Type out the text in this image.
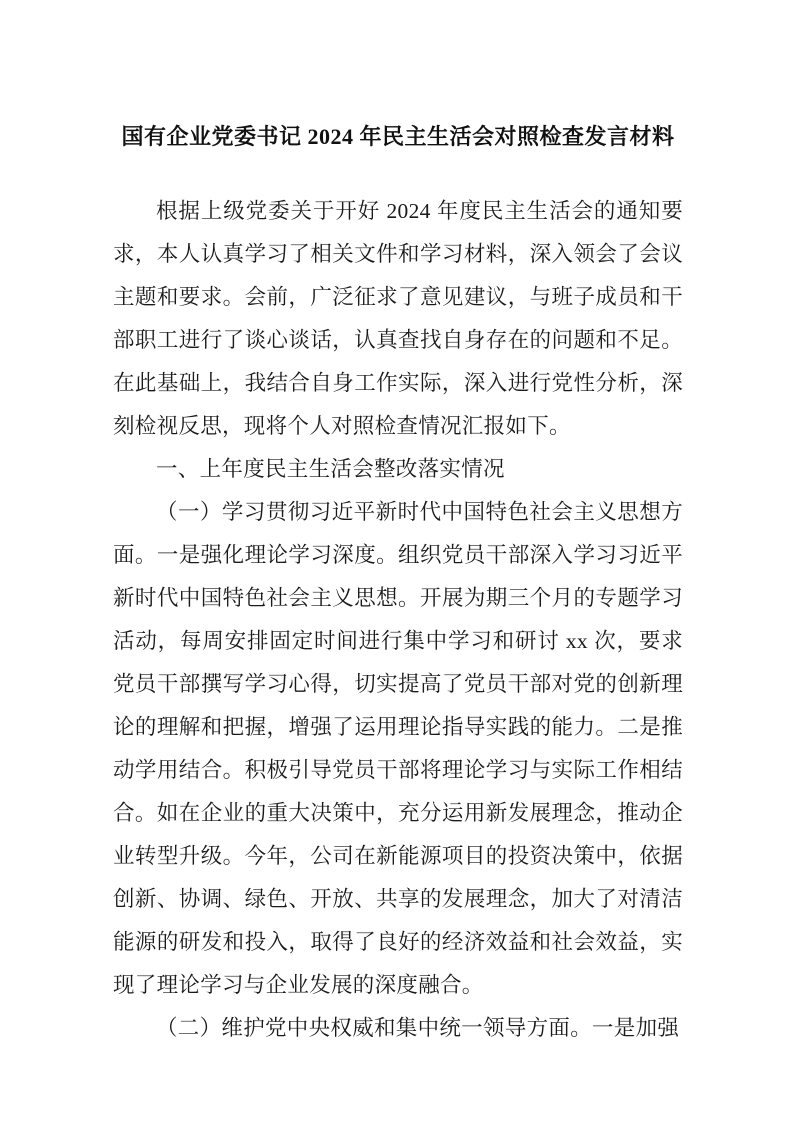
国有企业党委书记 2024 年民主生活会对照检查发言材料

根据上级党委关于开好 2024 年度民主生活会的通知要求，本人认真学习了相关文件和学习材料，深入领会了会议主题和要求。会前，广泛征求了意见建议，与班子成员和干部职工进行了谈心谈话，认真查找自身存在的问题和不足。在此基础上，我结合自身工作实际，深入进行党性分析，深刻检视反思，现将个人对照检查情况汇报如下。

一、上年度民主生活会整改落实情况

（一）学习贯彻习近平新时代中国特色社会主义思想方面。一是强化理论学习深度。组织党员干部深入学习习近平新时代中国特色社会主义思想。开展为期三个月的专题学习活动，每周安排固定时间进行集中学习和研讨 xx 次，要求党员干部撰写学习心得，切实提高了党员干部对党的创新理论的理解和把握，增强了运用理论指导实践的能力。二是推动学用结合。积极引导党员干部将理论学习与实际工作相结合。如在企业的重大决策中，充分运用新发展理念，推动企业转型升级。今年，公司在新能源项目的投资决策中，依据创新、协调、绿色、开放、共享的发展理念，加大了对清洁能源的研发和投入，取得了良好的经济效益和社会效益，实现了理论学习与企业发展的深度融合。

（二）维护党中央权威和集中统一领导方面。一是加强
